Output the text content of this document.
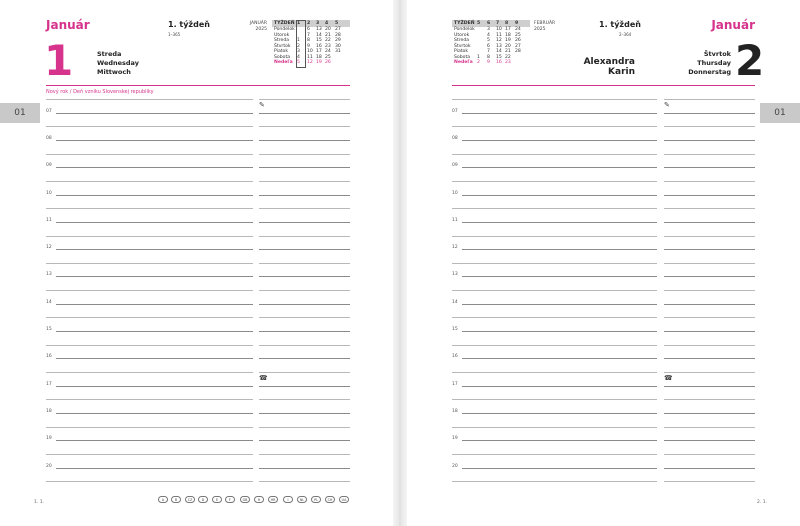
Január
1	Streda
Wednesday
Mittwoch
1. týždeň
1–365
JANUÁR
2025
TÝŽDEŇ 1 2 3 4 5
Pondelok	6 13 20 27
Utorok	7 14 21 28
Streda 1 8 15 22 29
Štvrtok 2 9 16 23 30
Piatok 3 10 17 24 31
Sobota 4 11 18 25
Nedeľa 5 12 19 26
Nový rok / Deň vzniku Slovenskej republiky
01	07
08
09
10
11
12
13
14
15
16
17
18
19
20
✎
☎
1. 1.	A	B	CZ	D	E	F	GB	H	HR	I	NL	PL	CH	UA
FEBRUÁR
2025
TÝŽDEŇ 5 6 7 8 9
Pondelok	3 10 17 24
Utorok	4 11 18 25
Streda	5 12 19 26
Štvrtok	6 13 20 27
Piatok	7 14 21 28
Sobota 1 8 15 22
Nedeľa 2 9 16 23
1. týždeň
2–364
Alexandra
Karin
Štvrtok
Thursday
Donnerstag
Január
2
01
07
08
09
10
11
12
13
14
15
16
17
18
19
20
✎
☎
2. 1.
